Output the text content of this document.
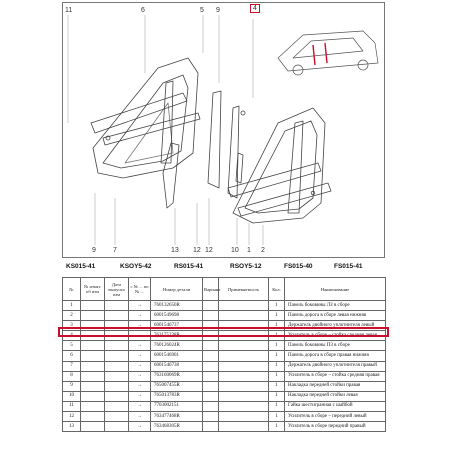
11	6	5 9	4
9 7	13 12 12	10 1 2
KS015-41	KSOY5-42	RS015-41	RSOY5-12	FS015-40	FS015-41
№	№ изъят. об изм	Дата выпуска изм	с № ... по № ...	Номер детали	Вариант	Применяемость	Кол.	Наименование
1			→	760132650R			1	Панель боковины ЛЗ в сборе
2			→	6001549698			1	Панель дорога в сборе левая нижняя
3			→	6001546737			1	Держатель двойного уплотнителя левый
4			→	763175238R			1	Усилитель в сборе – стойка средняя левая
5			→	760126024R			1	Панель боковины ПЗ в сборе
6			→	6001546901			1	Панель дорога в сборе правая нижняя
7			→	6001546738			1	Держатель двойного уплотнителя правый
8			→	763160069R			1	Усилитель в сборе – стойка средняя правая
9			→	765007455R			1	Накладка передней стойки правая
10			→	765013783R			1	Накладка передней стойки левая
11			→	7703002151			1	Гайка шестигранная с шайбой
12			→	763477468R			1	Усилитель в сборе – передний левый
13			→	763468305R			1	Усилитель в сборе передний правый
